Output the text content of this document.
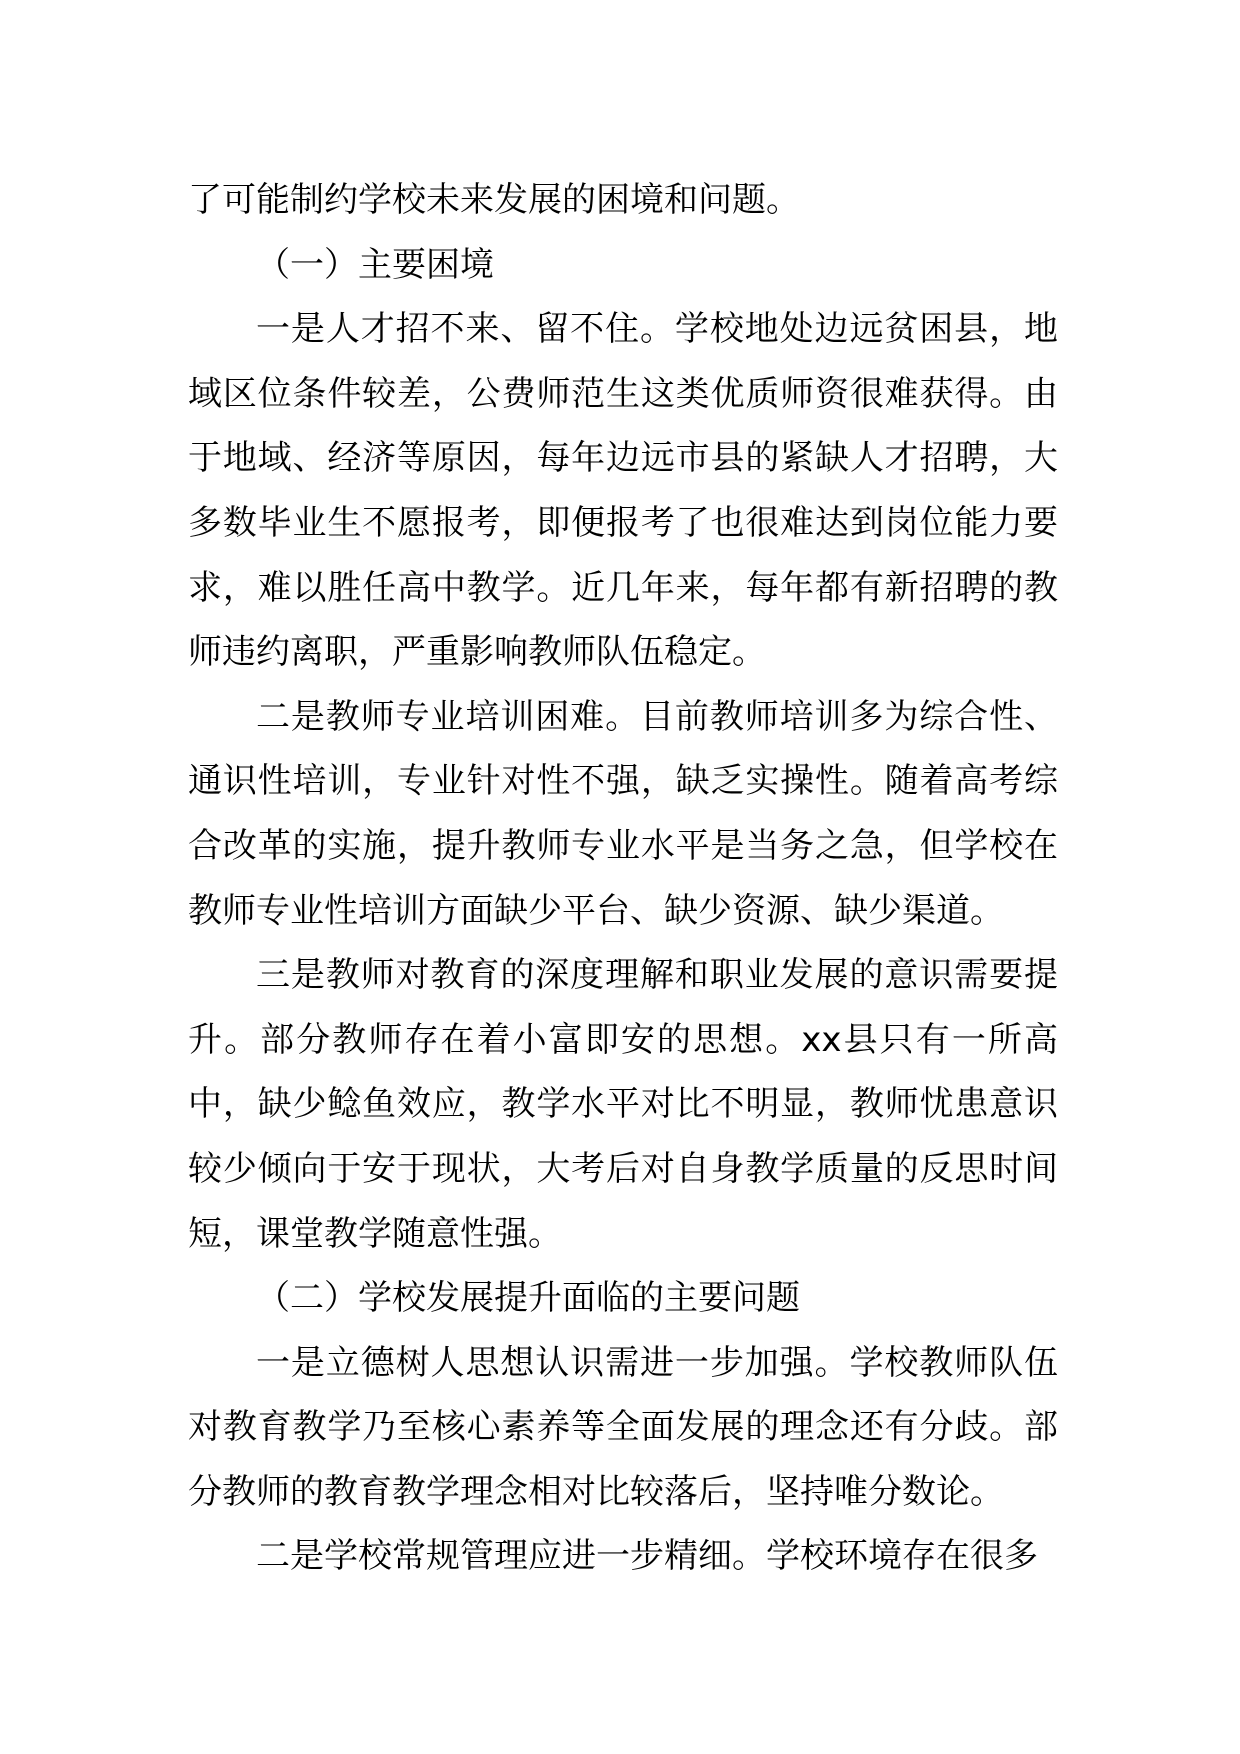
了可能制约学校未来发展的困境和问题。

（一）主要困境

一是人才招不来、留不住。学校地处边远贫困县，地域区位条件较差，公费师范生这类优质师资很难获得。由于地域、经济等原因，每年边远市县的紧缺人才招聘，大多数毕业生不愿报考，即便报考了也很难达到岗位能力要求，难以胜任高中教学。近几年来，每年都有新招聘的教师违约离职，严重影响教师队伍稳定。

二是教师专业培训困难。目前教师培训多为综合性、通识性培训，专业针对性不强，缺乏实操性。随着高考综合改革的实施，提升教师专业水平是当务之急，但学校在教师专业性培训方面缺少平台、缺少资源、缺少渠道。

三是教师对教育的深度理解和职业发展的意识需要提升。部分教师存在着小富即安的思想。xx县只有一所高中，缺少鲶鱼效应，教学水平对比不明显，教师忧患意识较少倾向于安于现状，大考后对自身教学质量的反思时间短，课堂教学随意性强。

（二）学校发展提升面临的主要问题

一是立德树人思想认识需进一步加强。学校教师队伍对教育教学乃至核心素养等全面发展的理念还有分歧。部分教师的教育教学理念相对比较落后，坚持唯分数论。

二是学校常规管理应进一步精细。学校环境存在很多
